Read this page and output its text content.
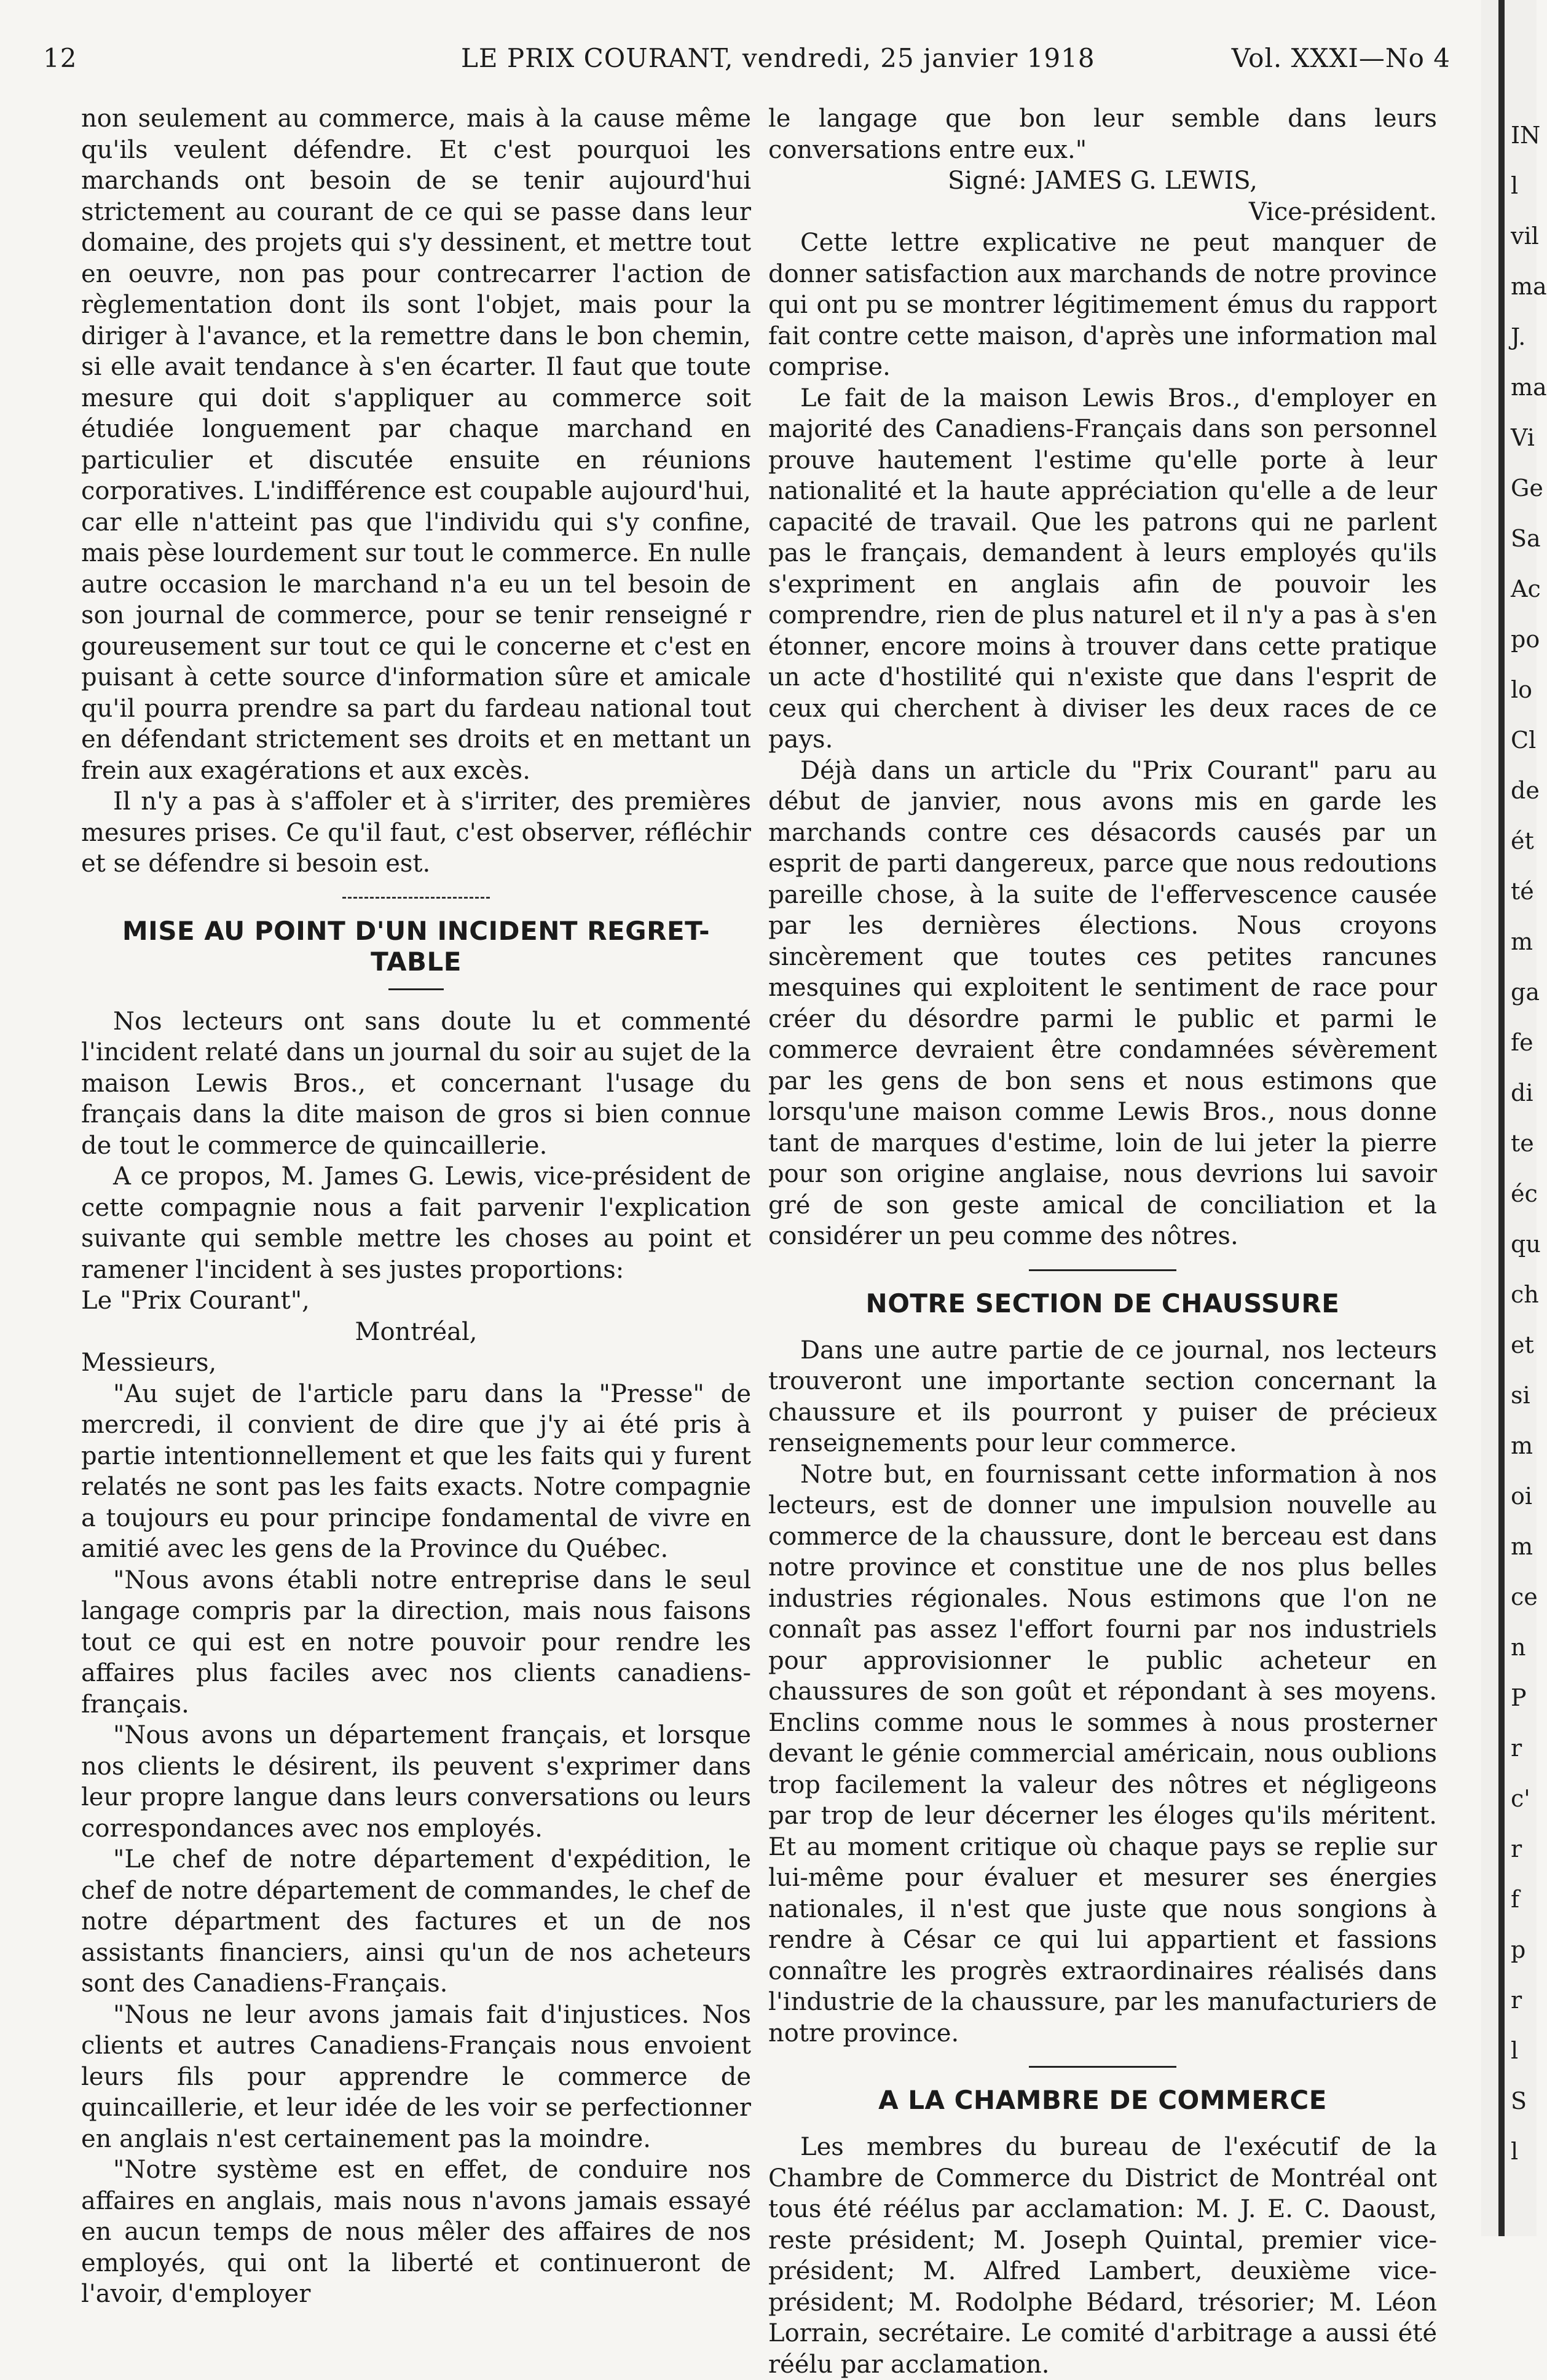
12	LE PRIX COURANT, vendredi, 25 janvier 1918	Vol. XXXI—No 4

non seulement au commerce, mais à la cause même qu'ils veulent défendre. Et c'est pourquoi les marchands ont besoin de se tenir aujourd'hui strictement au courant de ce qui se passe dans leur domaine, des projets qui s'y dessinent, et mettre tout en oeuvre, non pas pour contrecarrer l'action de règlementation dont ils sont l'objet, mais pour la diriger à l'avance, et la remettre dans le bon chemin, si elle avait tendance à s'en écarter. Il faut que toute mesure qui doit s'appliquer au commerce soit étudiée longuement par chaque marchand en particulier et discutée ensuite en réunions corporatives. L'indifférence est coupable aujourd'hui, car elle n'atteint pas que l'individu qui s'y confine, mais pèse lourdement sur tout le commerce. En nulle autre occasion le marchand n'a eu un tel besoin de son journal de commerce, pour se tenir renseigné r goureusement sur tout ce qui le concerne et c'est en puisant à cette source d'information sûre et amicale qu'il pourra prendre sa part du fardeau national tout en défendant strictement ses droits et en mettant un frein aux exagérations et aux excès.

Il n'y a pas à s'affoler et à s'irriter, des premières mesures prises. Ce qu'il faut, c'est observer, réfléchir et se défendre si besoin est.

MISE AU POINT D'UN INCIDENT REGRET-
TABLE

Nos lecteurs ont sans doute lu et commenté l'incident relaté dans un journal du soir au sujet de la maison Lewis Bros., et concernant l'usage du français dans la dite maison de gros si bien connue de tout le commerce de quincaillerie.

A ce propos, M. James G. Lewis, vice-président de cette compagnie nous a fait parvenir l'explication suivante qui semble mettre les choses au point et ramener l'incident à ses justes proportions:

Le "Prix Courant",

Montréal,

Messieurs,

"Au sujet de l'article paru dans la "Presse" de mercredi, il convient de dire que j'y ai été pris à partie intentionnellement et que les faits qui y furent relatés ne sont pas les faits exacts. Notre compagnie a toujours eu pour principe fondamental de vivre en amitié avec les gens de la Province du Québec.

"Nous avons établi notre entreprise dans le seul langage compris par la direction, mais nous faisons tout ce qui est en notre pouvoir pour rendre les affaires plus faciles avec nos clients canadiens-français.

"Nous avons un département français, et lorsque nos clients le désirent, ils peuvent s'exprimer dans leur propre langue dans leurs conversations ou leurs correspondances avec nos employés.

"Le chef de notre département d'expédition, le chef de notre département de commandes, le chef de notre départment des factures et un de nos assistants financiers, ainsi qu'un de nos acheteurs sont des Canadiens-Français.

"Nous ne leur avons jamais fait d'injustices. Nos clients et autres Canadiens-Français nous envoient leurs fils pour apprendre le commerce de quincaillerie, et leur idée de les voir se perfectionner en anglais n'est certainement pas la moindre.

"Notre système est en effet, de conduire nos affaires en anglais, mais nous n'avons jamais essayé en aucun temps de nous mêler des affaires de nos employés, qui ont la liberté et continueront de l'avoir, d'employer

le langage que bon leur semble dans leurs conversations entre eux."

Signé: JAMES G. LEWIS,

Vice-président.

Cette lettre explicative ne peut manquer de donner satisfaction aux marchands de notre province qui ont pu se montrer légitimement émus du rapport fait contre cette maison, d'après une information mal comprise.

Le fait de la maison Lewis Bros., d'employer en majorité des Canadiens-Français dans son personnel prouve hautement l'estime qu'elle porte à leur nationalité et la haute appréciation qu'elle a de leur capacité de travail. Que les patrons qui ne parlent pas le français, demandent à leurs employés qu'ils s'expriment en anglais afin de pouvoir les comprendre, rien de plus naturel et il n'y a pas à s'en étonner, encore moins à trouver dans cette pratique un acte d'hostilité qui n'existe que dans l'esprit de ceux qui cherchent à diviser les deux races de ce pays.

Déjà dans un article du "Prix Courant" paru au début de janvier, nous avons mis en garde les marchands contre ces désacords causés par un esprit de parti dangereux, parce que nous redoutions pareille chose, à la suite de l'effervescence causée par les dernières élections. Nous croyons sincèrement que toutes ces petites rancunes mesquines qui exploitent le sentiment de race pour créer du désordre parmi le public et parmi le commerce devraient être condamnées sévèrement par les gens de bon sens et nous estimons que lorsqu'une maison comme Lewis Bros., nous donne tant de marques d'estime, loin de lui jeter la pierre pour son origine anglaise, nous devrions lui savoir gré de son geste amical de conciliation et la considérer un peu comme des nôtres.

NOTRE SECTION DE CHAUSSURE

Dans une autre partie de ce journal, nos lecteurs trouveront une importante section concernant la chaussure et ils pourront y puiser de précieux renseignements pour leur commerce.

Notre but, en fournissant cette information à nos lecteurs, est de donner une impulsion nouvelle au commerce de la chaussure, dont le berceau est dans notre province et constitue une de nos plus belles industries régionales. Nous estimons que l'on ne connaît pas assez l'effort fourni par nos industriels pour approvisionner le public acheteur en chaussures de son goût et répondant à ses moyens. Enclins comme nous le sommes à nous prosterner devant le génie commercial américain, nous oublions trop facilement la valeur des nôtres et négligeons par trop de leur décerner les éloges qu'ils méritent. Et au moment critique où chaque pays se replie sur lui-même pour évaluer et mesurer ses énergies nationales, il n'est que juste que nous songions à rendre à César ce qui lui appartient et fassions connaître les progrès extraordinaires réalisés dans l'industrie de la chaussure, par les manufacturiers de notre province.

A LA CHAMBRE DE COMMERCE

Les membres du bureau de l'exécutif de la Chambre de Commerce du District de Montréal ont tous été réélus par acclamation: M. J. E. C. Daoust, reste président; M. Joseph Quintal, premier vice-président; M. Alfred Lambert, deuxième vice-président; M. Rodolphe Bédard, trésorier; M. Léon Lorrain, secrétaire. Le comité d'arbitrage a aussi été réélu par acclamation.

IN
l
vil
ma
J.
ma
Vi
Ge
Sa
Ac
po
lo
Cl
de
ét
té
m
ga
fe
di
te
éc
qu
ch
et
si
m
oi
m
ce
n
P
r
c'
r
f
p
r
l
S
l
